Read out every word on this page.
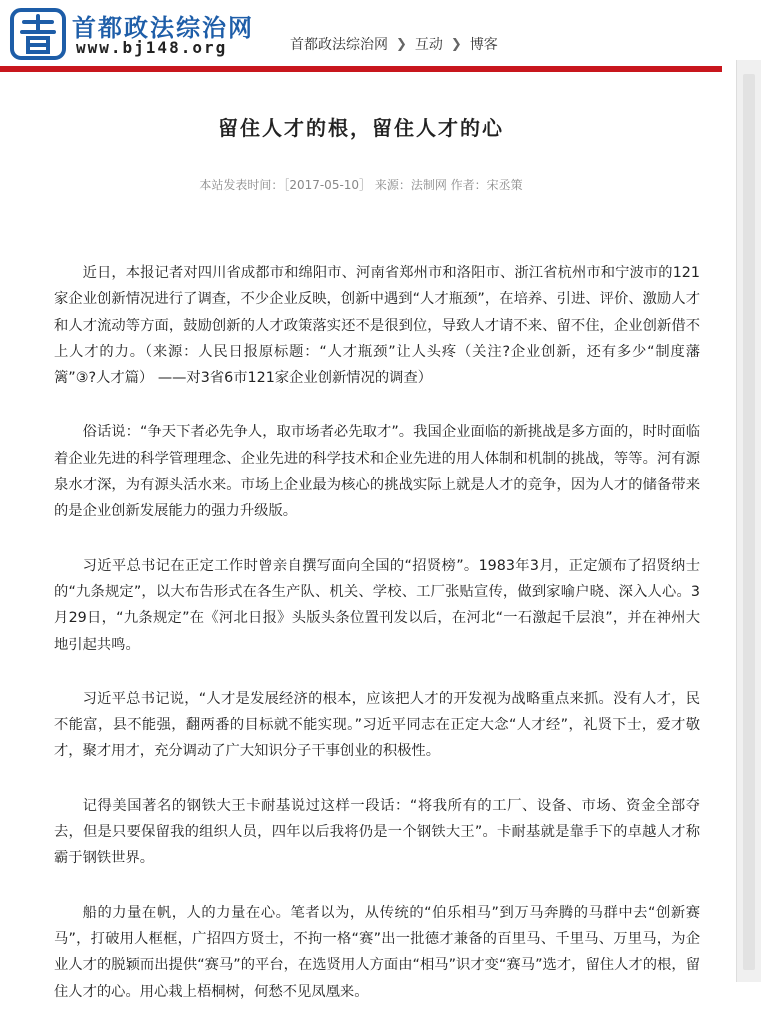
首都政法综治网
www.bj148.org	首都政法综治网 ❯ 互动 ❯ 博客
留住人才的根，留住人才的心
本站发表时间：［2017-05-10］ 来源：法制网 作者：宋丞策

近日，本报记者对四川省成都市和绵阳市、河南省郑州市和洛阳市、浙江省杭州市和宁波市的121家企业创新情况进行了调查，不少企业反映，创新中遇到“人才瓶颈”，在培养、引进、评价、激励人才和人才流动等方面，鼓励创新的人才政策落实还不是很到位，导致人才请不来、留不住，企业创新借不上人才的力。（来源：人民日报原标题：“人才瓶颈”让人头疼（关注?企业创新，还有多少“制度藩篱”③?人才篇） ——对3省6市121家企业创新情况的调查）

俗话说：“争天下者必先争人，取市场者必先取才”。我国企业面临的新挑战是多方面的，时时面临着企业先进的科学管理理念、企业先进的科学技术和企业先进的用人体制和机制的挑战，等等。河有源泉水才深，为有源头活水来。市场上企业最为核心的挑战实际上就是人才的竞争，因为人才的储备带来的是企业创新发展能力的强力升级版。

习近平总书记在正定工作时曾亲自撰写面向全国的“招贤榜”。1983年3月，正定颁布了招贤纳士的“九条规定”，以大布告形式在各生产队、机关、学校、工厂张贴宣传，做到家喻户晓、深入人心。3月29日，“九条规定”在《河北日报》头版头条位置刊发以后，在河北“一石激起千层浪”，并在神州大地引起共鸣。

习近平总书记说，“人才是发展经济的根本，应该把人才的开发视为战略重点来抓。没有人才，民不能富，县不能强，翻两番的目标就不能实现。”习近平同志在正定大念“人才经”，礼贤下士，爱才敬才，聚才用才，充分调动了广大知识分子干事创业的积极性。

记得美国著名的钢铁大王卡耐基说过这样一段话：“将我所有的工厂、设备、市场、资金全部夺去，但是只要保留我的组织人员，四年以后我将仍是一个钢铁大王”。卡耐基就是靠手下的卓越人才称霸于钢铁世界。

船的力量在帆，人的力量在心。笔者以为，从传统的“伯乐相马”到万马奔腾的马群中去“创新赛马”，打破用人框框，广招四方贤士，不拘一格“赛”出一批德才兼备的百里马、千里马、万里马，为企业人才的脱颖而出提供“赛马”的平台，在选贤用人方面由“相马”识才变“赛马”选才，留住人才的根，留住人才的心。用心栽上梧桐树，何愁不见凤凰来。
